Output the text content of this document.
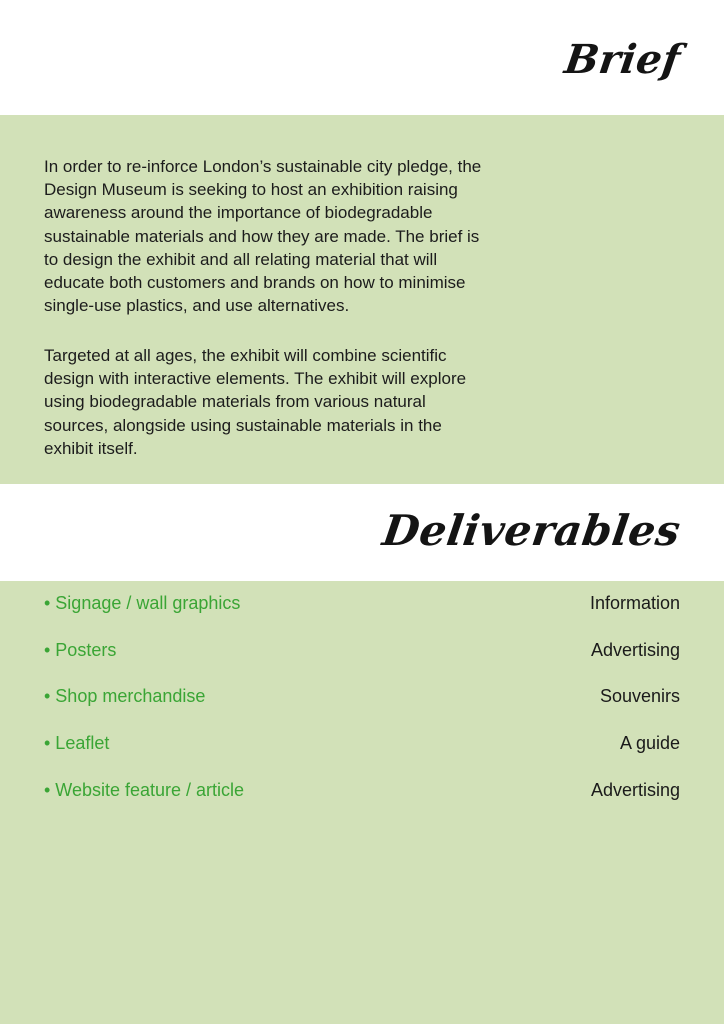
Brief

In order to re-inforce London’s sustainable city pledge, the Design Museum is seeking to host an exhibition raising awareness around the importance of biodegradable sustainable materials and how they are made. The brief is to design the exhibit and all relating material that will educate both customers and brands on how to minimise single-use plastics, and use alternatives.

Targeted at all ages, the exhibit will combine scientific design with interactive elements. The exhibit will explore using biodegradable materials from various natural sources, alongside using sustainable materials in the exhibit itself.

Deliverables
• Signage / wall graphics	Information
• Posters	Advertising
• Shop merchandise	Souvenirs
• Leaflet	A guide
• Website feature / article	Advertising
